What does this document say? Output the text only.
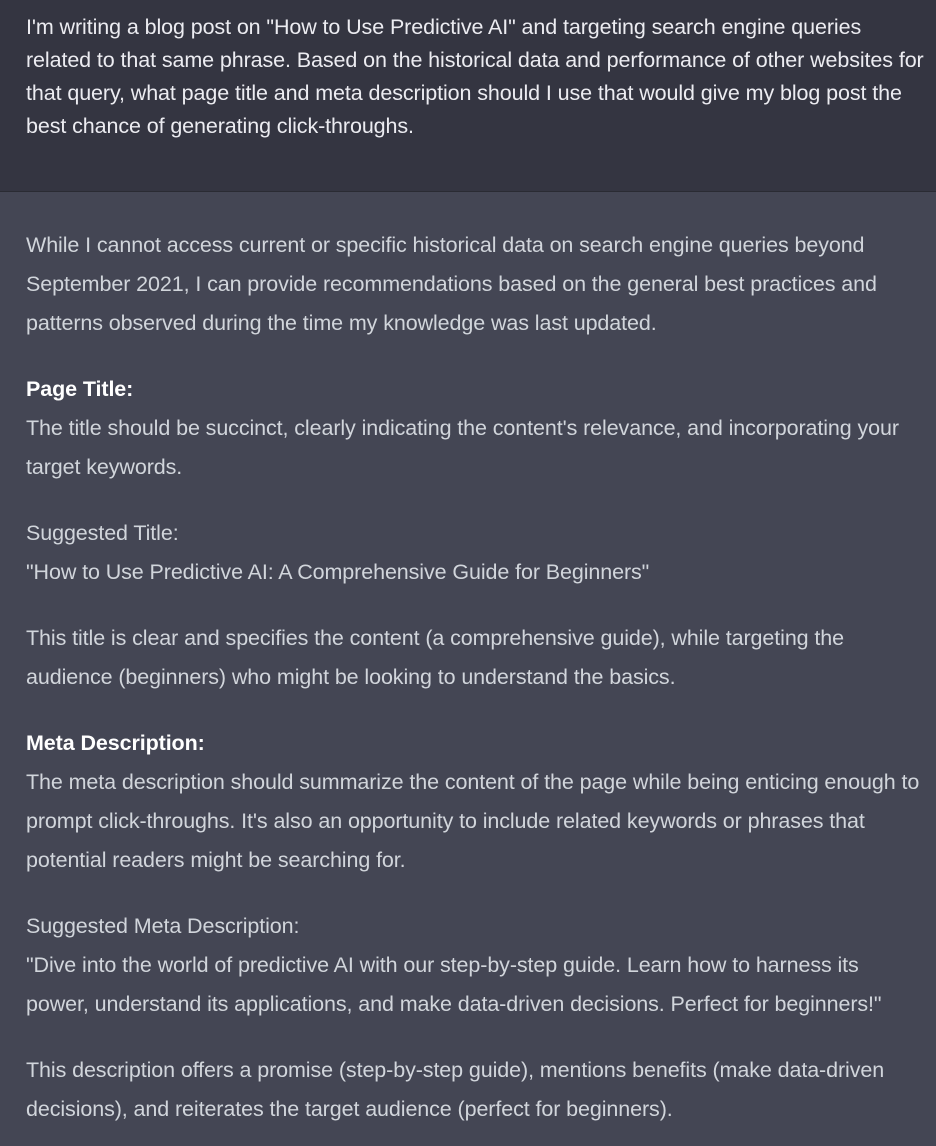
I'm writing a blog post on "How to Use Predictive AI" and targeting search engine queries related to that same phrase. Based on the historical data and performance of other websites for that query, what page title and meta description should I use that would give my blog post the best chance of generating click-throughs.

While I cannot access current or specific historical data on search engine queries beyond September 2021, I can provide recommendations based on the general best practices and patterns observed during the time my knowledge was last updated.

Page Title:
The title should be succinct, clearly indicating the content's relevance, and incorporating your target keywords.

Suggested Title:
"How to Use Predictive AI: A Comprehensive Guide for Beginners"

This title is clear and specifies the content (a comprehensive guide), while targeting the audience (beginners) who might be looking to understand the basics.

Meta Description:
The meta description should summarize the content of the page while being enticing enough to prompt click-throughs. It's also an opportunity to include related keywords or phrases that potential readers might be searching for.

Suggested Meta Description:
"Dive into the world of predictive AI with our step-by-step guide. Learn how to harness its power, understand its applications, and make data-driven decisions. Perfect for beginners!"

This description offers a promise (step-by-step guide), mentions benefits (make data-driven decisions), and reiterates the target audience (perfect for beginners).
